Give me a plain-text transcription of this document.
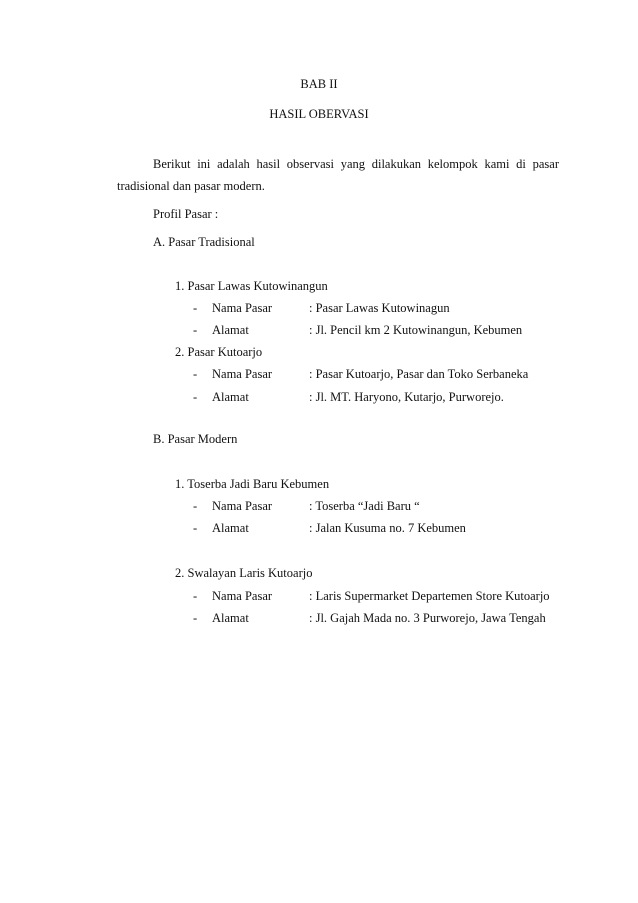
BAB II
HASIL OBERVASI
Berikut ini adalah hasil observasi yang dilakukan kelompok kami di pasar
tradisional dan pasar modern.
Profil Pasar :
A. Pasar Tradisional
1. Pasar Lawas Kutowinangun
- Nama Pasar	: Pasar Lawas Kutowinagun
- Alamat	: Jl. Pencil km 2 Kutowinangun, Kebumen
2. Pasar Kutoarjo
- Nama Pasar	: Pasar Kutoarjo, Pasar dan Toko Serbaneka
- Alamat	: Jl. MT. Haryono, Kutarjo, Purworejo.
B. Pasar Modern
1. Toserba Jadi Baru Kebumen
- Nama Pasar	: Toserba “Jadi Baru “
- Alamat	: Jalan Kusuma no. 7 Kebumen
2. Swalayan Laris Kutoarjo
- Nama Pasar	: Laris Supermarket Departemen Store Kutoarjo
- Alamat	: Jl. Gajah Mada no. 3 Purworejo, Jawa Tengah
